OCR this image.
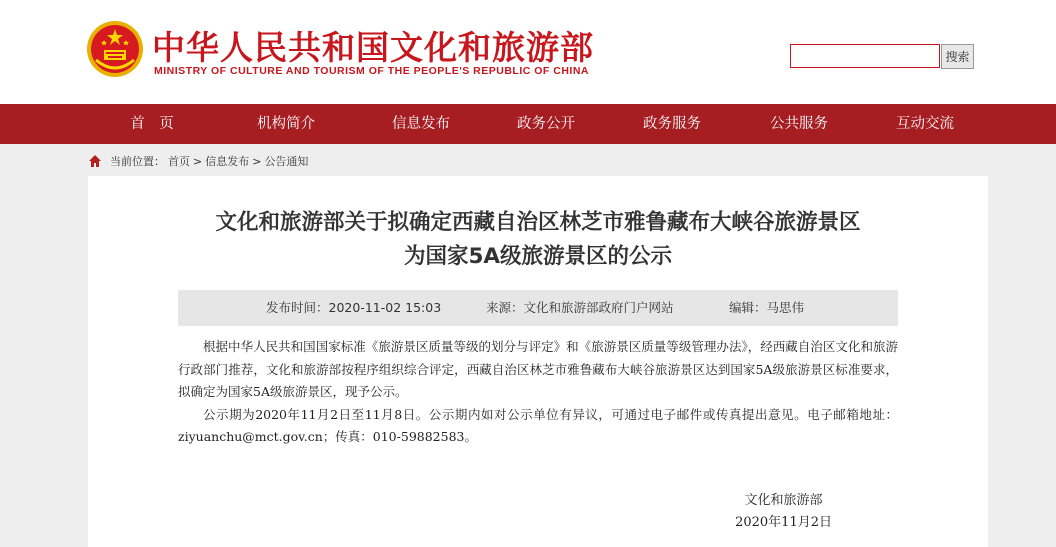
中华人民共和国文化和旅游部
MINISTRY OF CULTURE AND TOURISM OF THE PEOPLE'S REPUBLIC OF CHINA
搜索
首　页	机构简介	信息发布	政务公开	政务服务	公共服务	互动交流
当前位置： 首页 > 信息发布 > 公告通知
文化和旅游部关于拟确定西藏自治区林芝市雅鲁藏布大峡谷旅游景区
为国家5A级旅游景区的公示
发布时间：2020-11-02 15:03	来源：文化和旅游部政府门户网站	编辑：马思伟

根据中华人民共和国国家标准《旅游景区质量等级的划分与评定》和《旅游景区质量等级管理办法》，经西藏自治区文化和旅游行政部门推荐，文化和旅游部按程序组织综合评定，西藏自治区林芝市雅鲁藏布大峡谷旅游景区达到国家5A级旅游景区标准要求，拟确定为国家5A级旅游景区，现予公示。

公示期为2020年11月2日至11月8日。公示期内如对公示单位有异议，可通过电子邮件或传真提出意见。电子邮箱地址：ziyuanchu@mct.gov.cn；传真：010-59882583。

文化和旅游部
2020年11月2日
